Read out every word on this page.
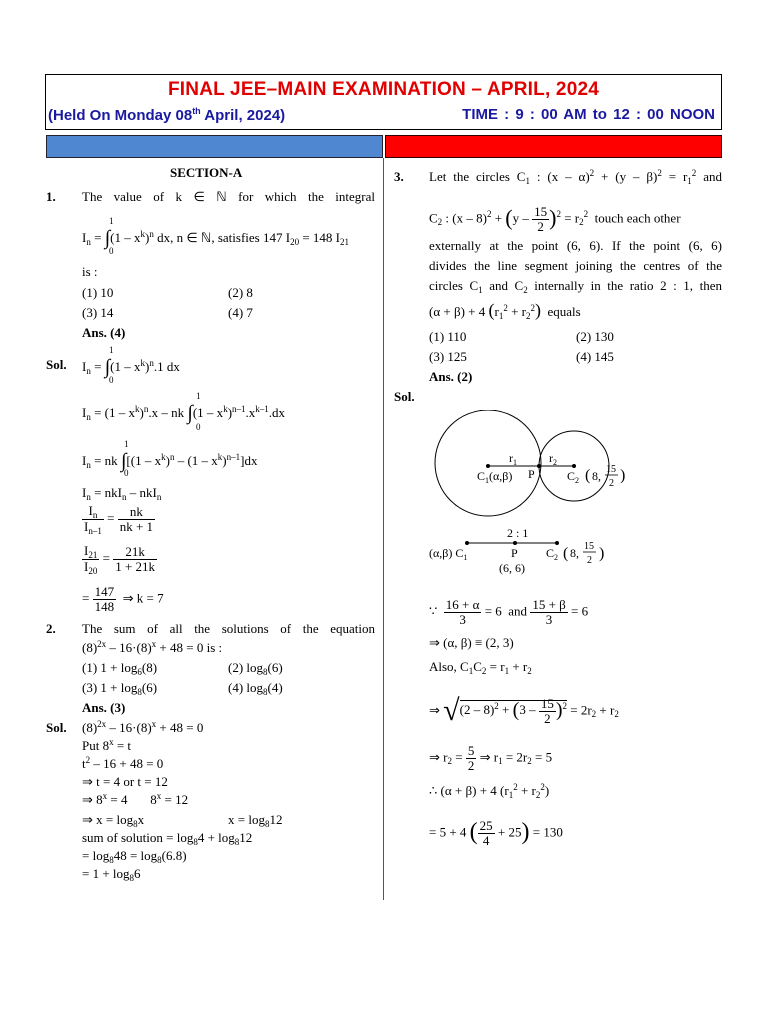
FINAL JEE–MAIN EXAMINATION – APRIL, 2024
(Held On Monday 08th April, 2024)	TIME : 9 : 00 AM to 12 : 00 NOON
SECTION-A
1. The value of k ∈ ℕ for which the integral
$I_n = \int(1 - x^k)^n$ dx, n ∈ ℕ, satisfies 147 $I_{20} = 148$ $I_{21}$
1
0
is :
(1) 10	(2) 8
(3) 14	(4) 7
Ans. (4)
Sol.
1
$I_n = \int(1 - x^k)^n.1$ dx
0
1
$I_n = (1 - x^k)^n.x$ – nk $\int(1 - x^k)^{n-1}.x^{k-1}.dx$
0
1
$I_n$ = nk $\int[(1 - x^k)^n - (1 - x^k)^{n-1}]dx$
0
$I_n = nkI_n - nkI_n$
$\frac{I_n}{I_{n-1}} = \frac{nk}{nk + 1}$
$\frac{I_{21}}{I_{20}} = \frac{21k}{1 + 21k}$
= $\frac{147}{148}$ ⇒ k = 7
2. The sum of all the solutions of the equation
$(8)^{2x} - 16\cdot(8)^x + 48 = 0$ is :
(1) $1 + \log_6(8)$	(2) $\log_8(6)$
(3) $1 + \log_8(6)$	(4) $\log_8(4)$
Ans. (3)
Sol. $(8)^{2x} - 16\cdot(8)^x + 48 = 0$
Put $8^x = t$
$t^2 - 16 + 48 = 0$
⇒ t = 4 or t = 12
⇒ $8^x = 4$       $8^x = 12$
⇒ $x = \log_8x$	$x = \log_812$
sum of solution = $\log_84 + \log_812$
= $\log_848 = \log_8(6.8)$
= $1 + \log_86$
3. Let the circles $C_1$ : $(x - \alpha)^2 + (y - \beta)^2 = r_1^2$ and
$C_2$ : $(x - 8)^2 + (y - \frac{15}{2} )^2 = r_2^2$ touch each other
externally at the point (6, 6). If the point (6, 6)
divides the line segment joining the centres of the
circles $C_1$ and $C_2$ internally in the ratio 2 : 1, then
(α + β) + 4 $(r_1^2 + r_2^2)$ equals
(1) 110	(2) 130
(3) 125	(4) 145
Ans. (2)
Sol.
$r_1$	$r_2$
$C_1(\alpha,\beta)$ P	$C_2$ ( 8, 15
2 )
2 : 1
(α,β) $C_1$	P $C_2$ ( 8, 15
2 )
(6, 6)
∵ $\frac{16 + \alpha}{3} = 6$  and $\frac{15 + \beta}{3} = 6$
⇒ (α, β) ≡ (2, 3)
Also, $C_1C_2 = r_1 + r_2$
⇒ $√(2 - 8)^2 + (3 - \frac{15}{2} )^2 = 2r_2 + r_2$
⇒ $r_2 = \frac{5}{2}$ ⇒ $r_1 = 2r_2 = 5$
∴ (α + β) + 4 $(r_1^2 + r_2^2)$
= 5 + 4 ( $\frac{25}{4} + 25) = 130$
